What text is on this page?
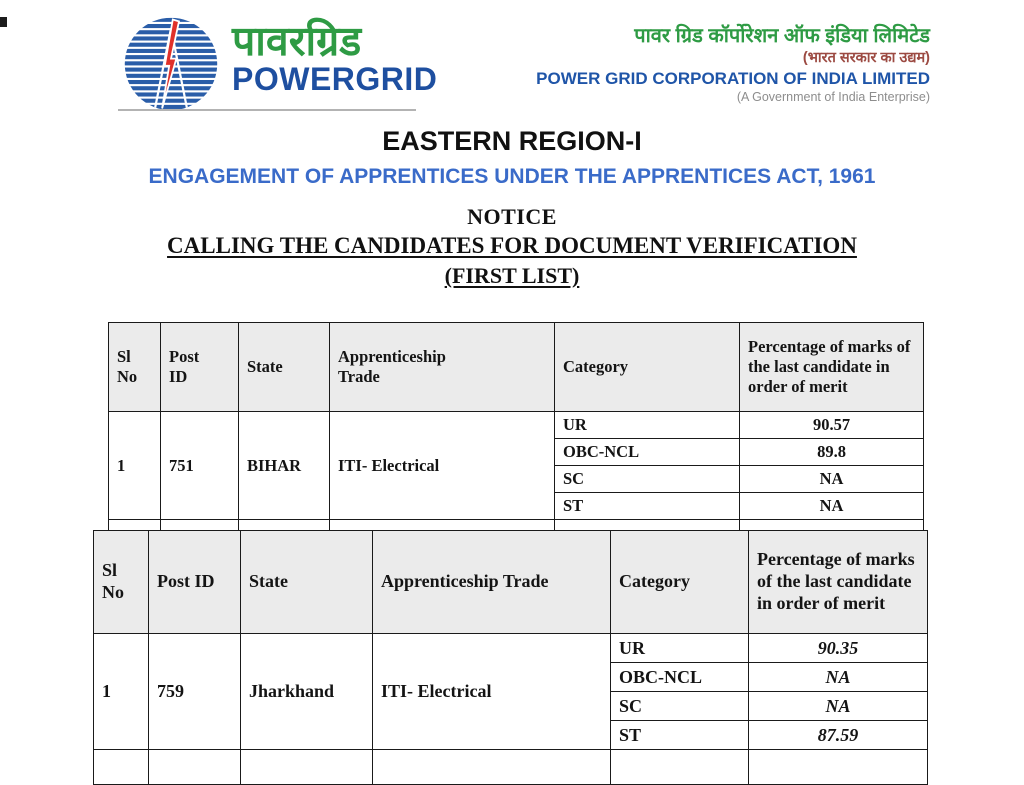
पावरग्रिड
POWERGRID
पावर ग्रिड कॉर्पोरेशन ऑफ इंडिया लिमिटेड
(भारत सरकार का उद्यम)
POWER GRID CORPORATION OF INDIA LIMITED
(A Government of India Enterprise)
EASTERN REGION-I
ENGAGEMENT OF APPRENTICES UNDER THE APPRENTICES ACT, 1961
NOTICE
CALLING THE CANDIDATES FOR DOCUMENT VERIFICATION
(FIRST LIST)
Sl No	Post ID	State	Apprenticeship Trade	Category	Percentage of marks of the last candidate in order of merit
1	751	BIHAR	ITI- Electrical	UR	90.57
				OBC-NCL	89.8
				SC	NA
				ST	NA

Sl No	Post ID	State	Apprenticeship Trade	Category	Percentage of marks of the last candidate in order of merit
1	759	Jharkhand	ITI- Electrical	UR	90.35
				OBC-NCL	NA
				SC	NA
				ST	87.59
